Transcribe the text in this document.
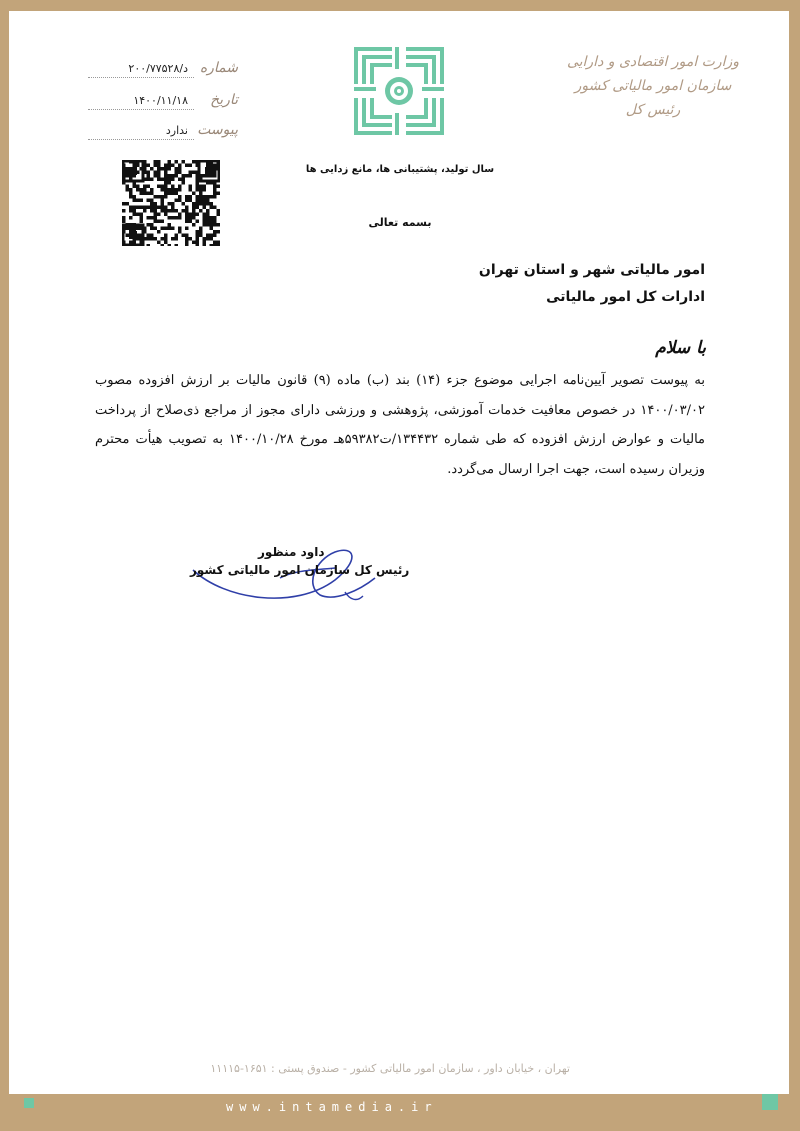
وزارت امور اقتصادی و دارایی
سازمان امور مالیاتی کشور
رئیس کل
شماره
د/۲۰۰/۷۷۵۲۸
تاریخ
۱۴۰۰/۱۱/۱۸
پیوست
ندارد
سال تولید، پشتیبانی ها، مانع زدایی ها
بسمه تعالی
امور مالیاتی شهر و استان تهران
ادارات کل امور مالیاتی
با سلام
به پیوست تصویر آیین‌نامه اجرایی موضوع جزء (۱۴) بند (ب) ماده (۹) قانون مالیات بر ارزش افزوده مصوب ۱۴۰۰/۰۳/۰۲ در خصوص معافیت خدمات آموزشی، پژوهشی و ورزشی دارای مجوز از مراجع ذی‌صلاح از پرداخت مالیات و عوارض ارزش افزوده که طی شماره ۱۳۴۴۳۲/ت۵۹۳۸۲هـ مورخ ۱۴۰۰/۱۰/۲۸ به تصویب هیأت محترم وزیران رسیده است، جهت اجرا ارسال می‌گردد.
داود منظور
رئیس کل سازمان امور مالیاتی کشور
تهران ، خیابان داور ، سازمان امور مالیاتی کشور - صندوق پستی : ۱۶۵۱-۱۱۱۱۵
www.intamedia.ir
